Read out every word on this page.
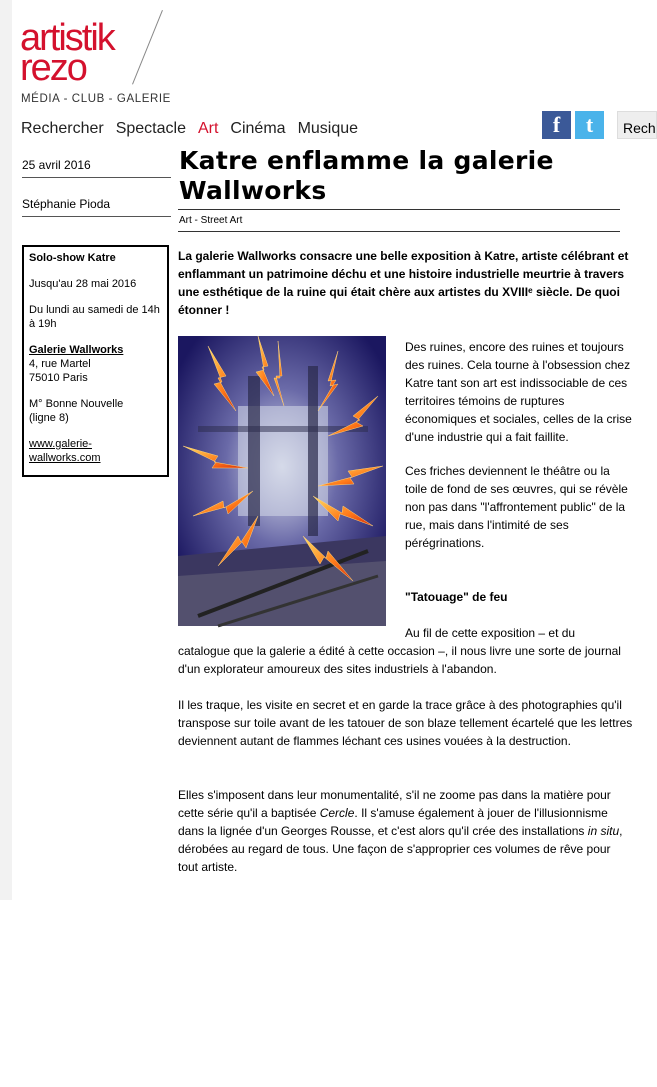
artistik
rezo
MÉDIA - CLUB - GALERIE
Rechercher Spectacle Art Cinéma Musique	f	t	Rech
25 avril 2016
Stéphanie Pioda
Solo-show Katre

Jusqu'au 28 mai 2016

Du lundi au samedi de 14h à 19h

Galerie Wallworks
4, rue Martel
75010 Paris

M° Bonne Nouvelle
(ligne 8)

www.galerie-wallworks.com
Katre enflamme la galerie Wallworks
Art - Street Art
La galerie Wallworks consacre une belle exposition à Katre, artiste célébrant et enflammant un patrimoine déchu et une histoire industrielle meurtrie à travers une esthétique de la ruine qui était chère aux artistes du XVIIIᵉ siècle. De quoi étonner !
Des ruines, encore des ruines et toujours des ruines. Cela tourne à l'obsession chez Katre tant son art est indissociable de ces territoires témoins de ruptures économiques et sociales, celles de la crise d'une industrie qui a fait faillite.
Ces friches deviennent le théâtre ou la toile de fond de ses œuvres, qui se révèle non pas dans "l'affrontement public" de la rue, mais dans l'intimité de ses pérégrinations.
"Tatouage" de feu
Au fil de cette exposition – et du
catalogue que la galerie a édité à cette occasion –, il nous livre une sorte de journal d'un explorateur amoureux des sites industriels à l'abandon.
Il les traque, les visite en secret et en garde la trace grâce à des photographies qu'il transpose sur toile avant de les tatouer de son blaze tellement écartelé que les lettres deviennent autant de flammes léchant ces usines vouées à la destruction.
Elles s'imposent dans leur monumentalité, s'il ne zoome pas dans la matière pour cette série qu'il a baptisée Cercle. Il s'amuse également à jouer de l'illusionnisme dans la lignée d'un Georges Rousse, et c'est alors qu'il crée des installations in situ, dérobées au regard de tous. Une façon de s'approprier ces volumes de rêve pour tout artiste.
